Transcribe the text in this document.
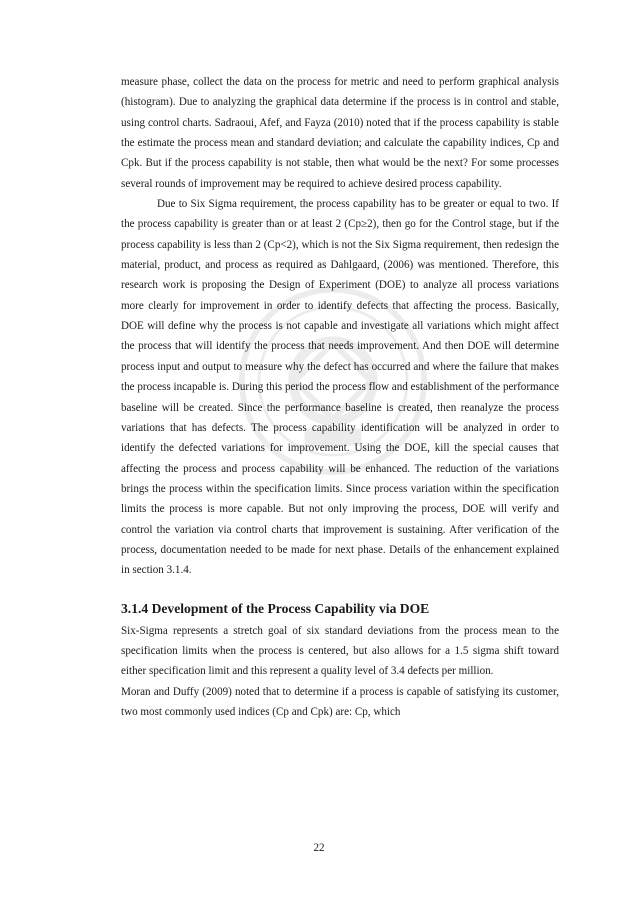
measure phase, collect the data on the process for metric and need to perform graphical analysis (histogram). Due to analyzing the graphical data determine if the process is in control and stable, using control charts. Sadraoui, Afef, and Fayza (2010) noted that if the process capability is stable the estimate the process mean and standard deviation; and calculate the capability indices, Cp and Cpk. But if the process capability is not stable, then what would be the next? For some processes several rounds of improvement may be required to achieve desired process capability.

Due to Six Sigma requirement, the process capability has to be greater or equal to two. If the process capability is greater than or at least 2 (Cp≥2), then go for the Control stage, but if the process capability is less than 2 (Cp<2), which is not the Six Sigma requirement, then redesign the material, product, and process as required as Dahlgaard, (2006) was mentioned. Therefore, this research work is proposing the Design of Experiment (DOE) to analyze all process variations more clearly for improvement in order to identify defects that affecting the process. Basically, DOE will define why the process is not capable and investigate all variations which might affect the process that will identify the process that needs improvement. And then DOE will determine process input and output to measure why the defect has occurred and where the failure that makes the process incapable is. During this period the process flow and establishment of the performance baseline will be created. Since the performance baseline is created, then reanalyze the process variations that has defects. The process capability identification will be analyzed in order to identify the defected variations for improvement. Using the DOE, kill the special causes that affecting the process and process capability will be enhanced. The reduction of the variations brings the process within the specification limits. Since process variation within the specification limits the process is more capable. But not only improving the process, DOE will verify and control the variation via control charts that improvement is sustaining. After verification of the process, documentation needed to be made for next phase. Details of the enhancement explained in section 3.1.4.

3.1.4 Development of the Process Capability via DOE

Six-Sigma represents a stretch goal of six standard deviations from the process mean to the specification limits when the process is centered, but also allows for a 1.5 sigma shift toward either specification limit and this represent a quality level of 3.4 defects per million.

Moran and Duffy (2009) noted that to determine if a process is capable of satisfying its customer, two most commonly used indices (Cp and Cpk) are: Cp, which

22
